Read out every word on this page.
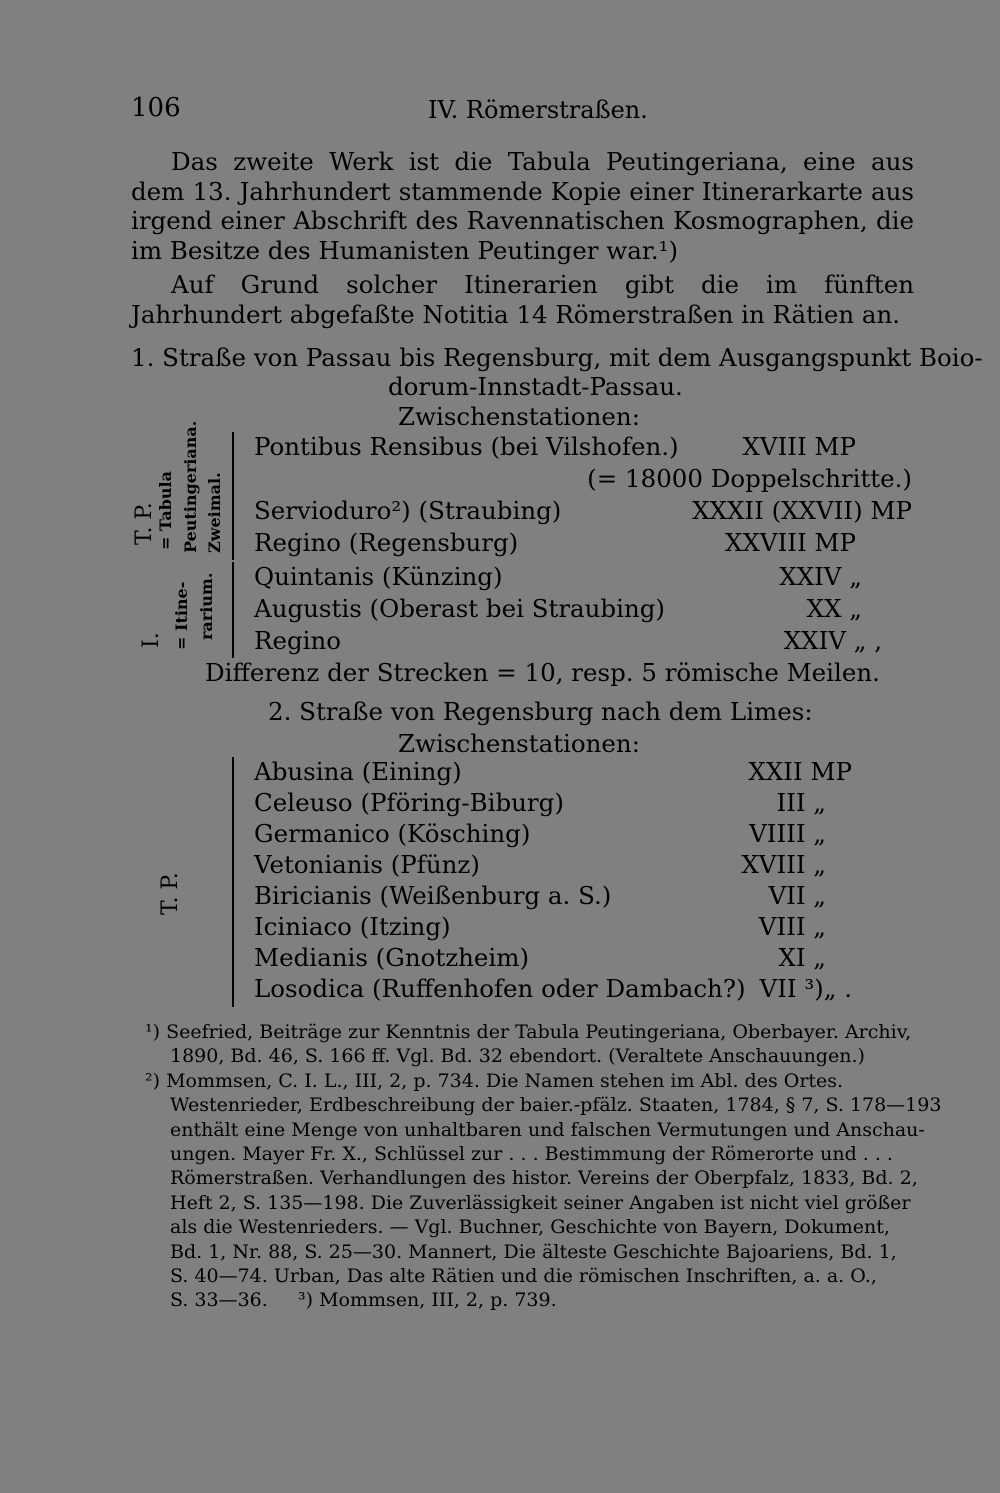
106	IV. Römerstraßen.
Das zweite Werk ist die Tabula Peutingeriana, eine aus dem 13. Jahrhundert stammende Kopie einer Itinerarkarte aus irgend einer Abschrift des Ravennatischen Kosmographen, die im Besitze des Humanisten Peutinger war.¹)
Auf Grund solcher Itinerarien gibt die im fünften Jahrhundert abgefaßte Notitia 14 Römerstraßen in Rätien an.
1. Straße von Passau bis Regensburg, mit dem Ausgangspunkt Boio-
dorum-Innstadt-Passau.
Zwischenstationen:
T. P. = Tabula Peutingeriana. Zweimal.
I. = Itine- rarium.
Pontibus Rensibus (bei Vilshofen.)	XVIII MP
(= 18000 Doppelschritte.)
Servioduro²) (Straubing)	XXXII (XXVII) MP
Regino (Regensburg)	XXVIII MP
Quintanis (Künzing)	XXIV „
Augustis (Oberast bei Straubing)	XX „
Regino	XXIV „ ,
Differenz der Strecken = 10, resp. 5 römische Meilen.
2. Straße von Regensburg nach dem Limes:
Zwischenstationen:
T. P.
Abusina (Eining)	XXII MP
Celeuso (Pföring-Biburg)	III „
Germanico (Kösching)	VIIII „
Vetonianis (Pfünz)	XVIII „
Biricianis (Weißenburg a. S.)	VII „
Iciniaco (Itzing)	VIII „
Medianis (Gnotzheim)	XI „
Losodica (Ruffenhofen oder Dambach?) VII ³)„ .
¹) Seefried, Beiträge zur Kenntnis der Tabula Peutingeriana, Oberbayer. Archiv,
1890, Bd. 46, S. 166 ff. Vgl. Bd. 32 ebendort. (Veraltete Anschauungen.)
²) Mommsen, C. I. L., III, 2, p. 734. Die Namen stehen im Abl. des Ortes.
Westenrieder, Erdbeschreibung der baier.-pfälz. Staaten, 1784, § 7, S. 178—193
enthält eine Menge von unhaltbaren und falschen Vermutungen und Anschau-
ungen. Mayer Fr. X., Schlüssel zur . . . Bestimmung der Römerorte und . . .
Römerstraßen. Verhandlungen des histor. Vereins der Oberpfalz, 1833, Bd. 2,
Heft 2, S. 135—198. Die Zuverlässigkeit seiner Angaben ist nicht viel größer
als die Westenrieders. — Vgl. Buchner, Geschichte von Bayern, Dokument,
Bd. 1, Nr. 88, S. 25—30. Mannert, Die älteste Geschichte Bajoariens, Bd. 1,
S. 40—74. Urban, Das alte Rätien und die römischen Inschriften, a. a. O.,
S. 33—36.     ³) Mommsen, III, 2, p. 739.
